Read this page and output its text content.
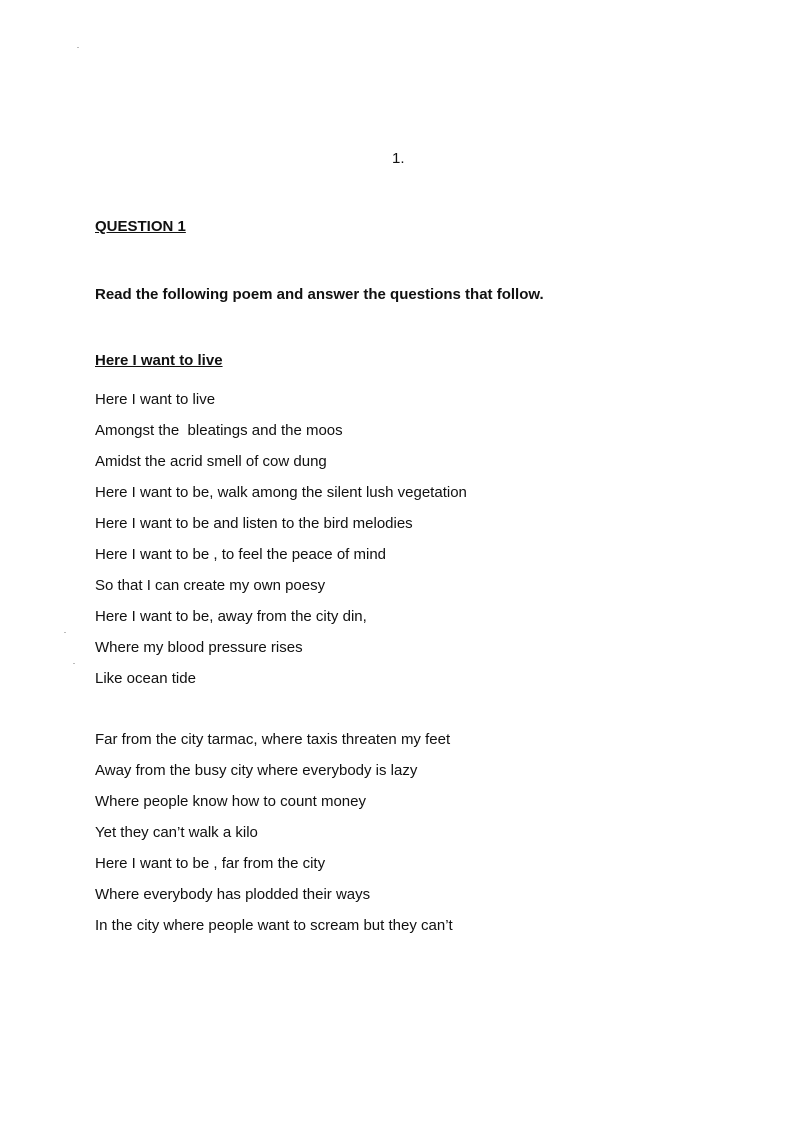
1.
QUESTION 1
Read the following poem and answer the questions that follow.
Here I want to live
Here I want to live
Amongst the  bleatings and the moos
Amidst the acrid smell of cow dung
Here I want to be, walk among the silent lush vegetation
Here I want to be and listen to the bird melodies
Here I want to be , to feel the peace of mind
So that I can create my own poesy
Here I want to be, away from the city din,
Where my blood pressure rises
Like ocean tide
Far from the city tarmac, where taxis threaten my feet
Away from the busy city where everybody is lazy
Where people know how to count money
Yet they can’t walk a kilo
Here I want to be , far from the city
Where everybody has plodded their ways
In the city where people want to scream but they can’t
